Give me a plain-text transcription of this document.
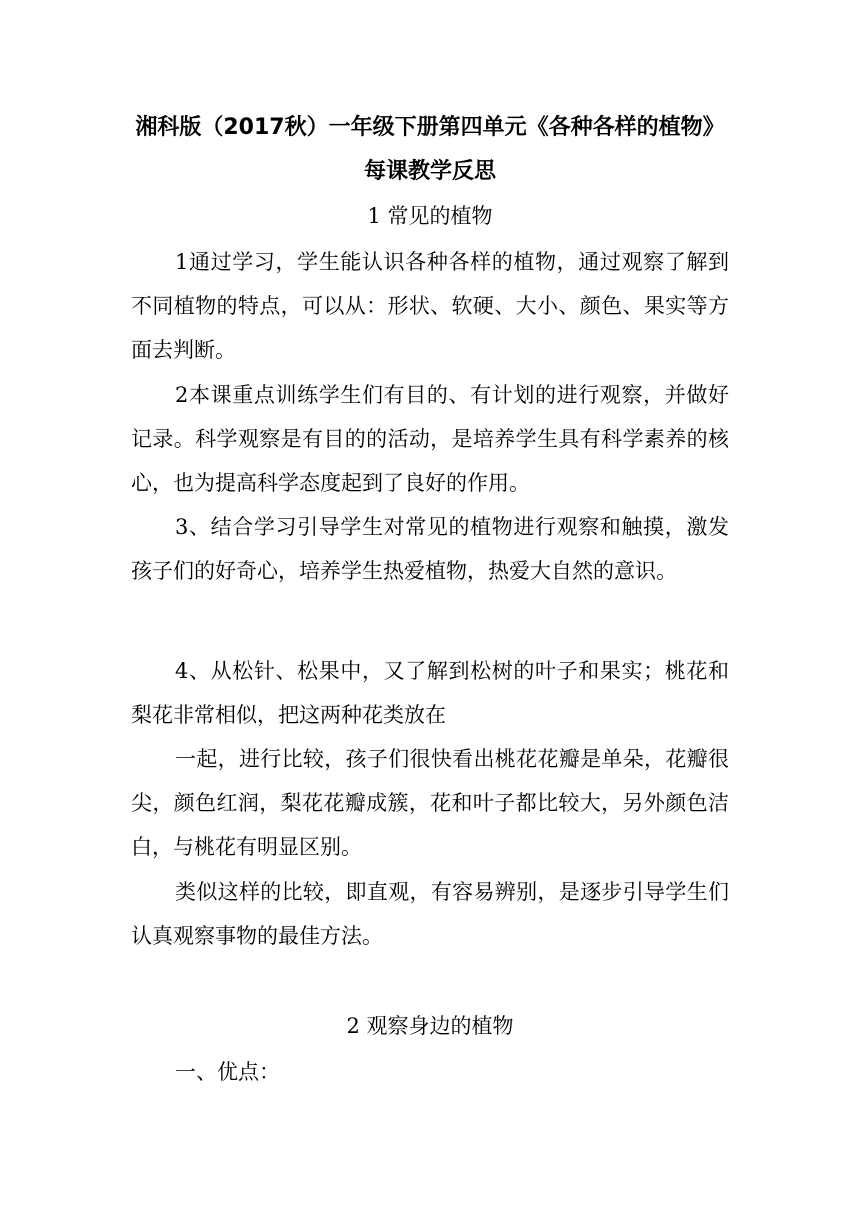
湘科版（2017秋）一年级下册第四单元《各种各样的植物》
每课教学反思
1 常见的植物

1通过学习，学生能认识各种各样的植物，通过观察了解到不同植物的特点，可以从：形状、软硬、大小、颜色、果实等方面去判断。

2本课重点训练学生们有目的、有计划的进行观察，并做好记录。科学观察是有目的的活动，是培养学生具有科学素养的核心，也为提高科学态度起到了良好的作用。

3、结合学习引导学生对常见的植物进行观察和触摸，激发孩子们的好奇心，培养学生热爱植物，热爱大自然的意识。

4、从松针、松果中，又了解到松树的叶子和果实；桃花和梨花非常相似，把这两种花类放在

一起，进行比较，孩子们很快看出桃花花瓣是单朵，花瓣很尖，颜色红润，梨花花瓣成簇，花和叶子都比较大，另外颜色洁白，与桃花有明显区别。

类似这样的比较，即直观，有容易辨别，是逐步引导学生们认真观察事物的最佳方法。

2 观察身边的植物

一、优点：
